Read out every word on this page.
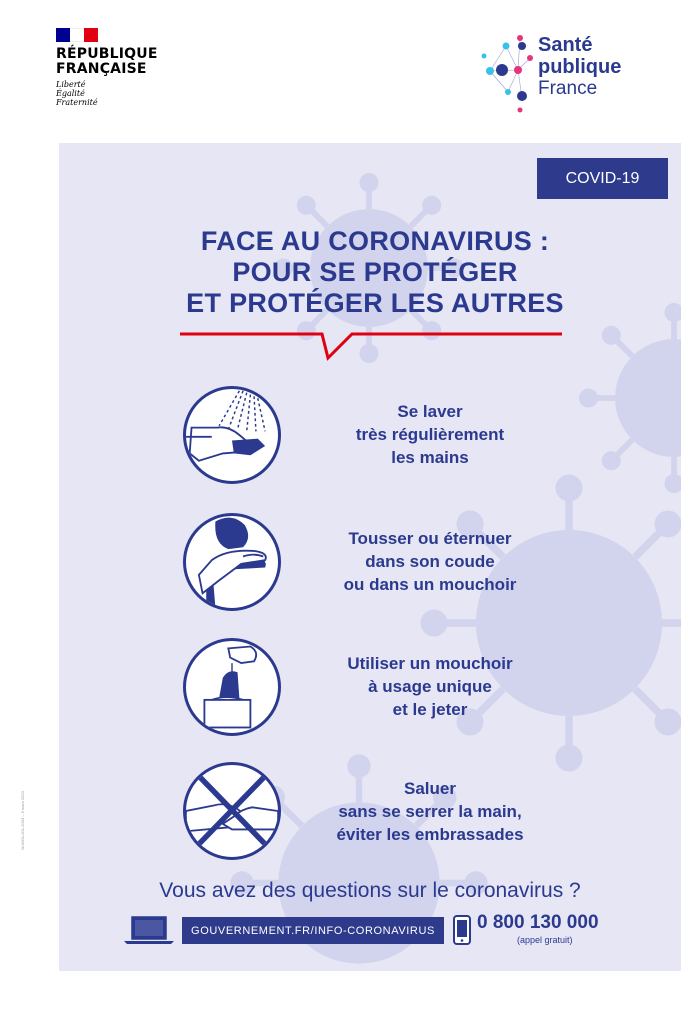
RÉPUBLIQUE
FRANÇAISE
Liberté
Égalité
Fraternité
Santé
publique
France
COVID-19
FACE AU CORONAVIRUS :
POUR SE PROTÉGER
ET PROTÉGER LES AUTRES
Se laver
très régulièrement
les mains
Tousser ou éternuer
dans son coude
ou dans un mouchoir
Utiliser un mouchoir
à usage unique
et le jeter
Saluer
sans se serrer la main,
éviter les embrassades
Vous avez des questions sur le coronavirus ?
GOUVERNEMENT.FR/INFO-CORONAVIRUS	0 800 130 000
(appel gratuit)
W-0001-001-2003 – 6 mars 2020
